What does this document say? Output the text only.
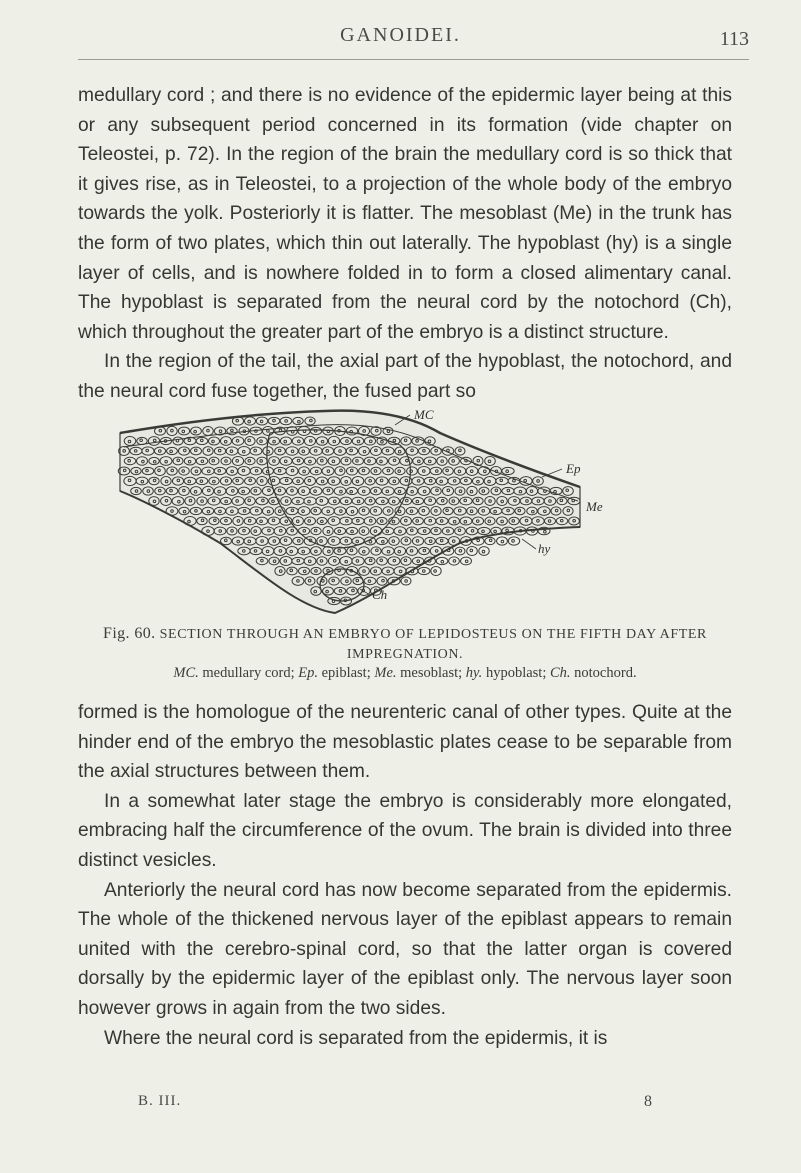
GANOIDEI.	113

medullary cord ; and there is no evidence of the epidermic layer being at this or any subsequent period concerned in its formation (vide chapter on Teleostei, p. 72). In the region of the brain the medullary cord is so thick that it gives rise, as in Teleostei, to a projection of the whole body of the embryo towards the yolk. Posteriorly it is flatter. The mesoblast (Me) in the trunk has the form of two plates, which thin out laterally. The hypoblast (hy) is a single layer of cells, and is nowhere folded in to form a closed alimentary canal. The hypoblast is separated from the neural cord by the notochord (Ch), which throughout the greater part of the embryo is a distinct structure.

In the region of the tail, the axial part of the hypoblast, the notochord, and the neural cord fuse together, the fused part so

MC
Ep
Me
hy
Ch
Fig. 60. SECTION THROUGH AN EMBRYO OF LEPIDOSTEUS ON THE FIFTH DAY AFTER IMPREGNATION.
MC. medullary cord; Ep. epiblast; Me. mesoblast; hy. hypoblast; Ch. notochord.

formed is the homologue of the neurenteric canal of other types. Quite at the hinder end of the embryo the mesoblastic plates cease to be separable from the axial structures between them.

In a somewhat later stage the embryo is considerably more elongated, embracing half the circumference of the ovum. The brain is divided into three distinct vesicles.

Anteriorly the neural cord has now become separated from the epidermis. The whole of the thickened nervous layer of the epiblast appears to remain united with the cerebro-spinal cord, so that the latter organ is covered dorsally by the epidermic layer of the epiblast only. The nervous layer soon however grows in again from the two sides.

Where the neural cord is separated from the epidermis, it is

B. III.	8
